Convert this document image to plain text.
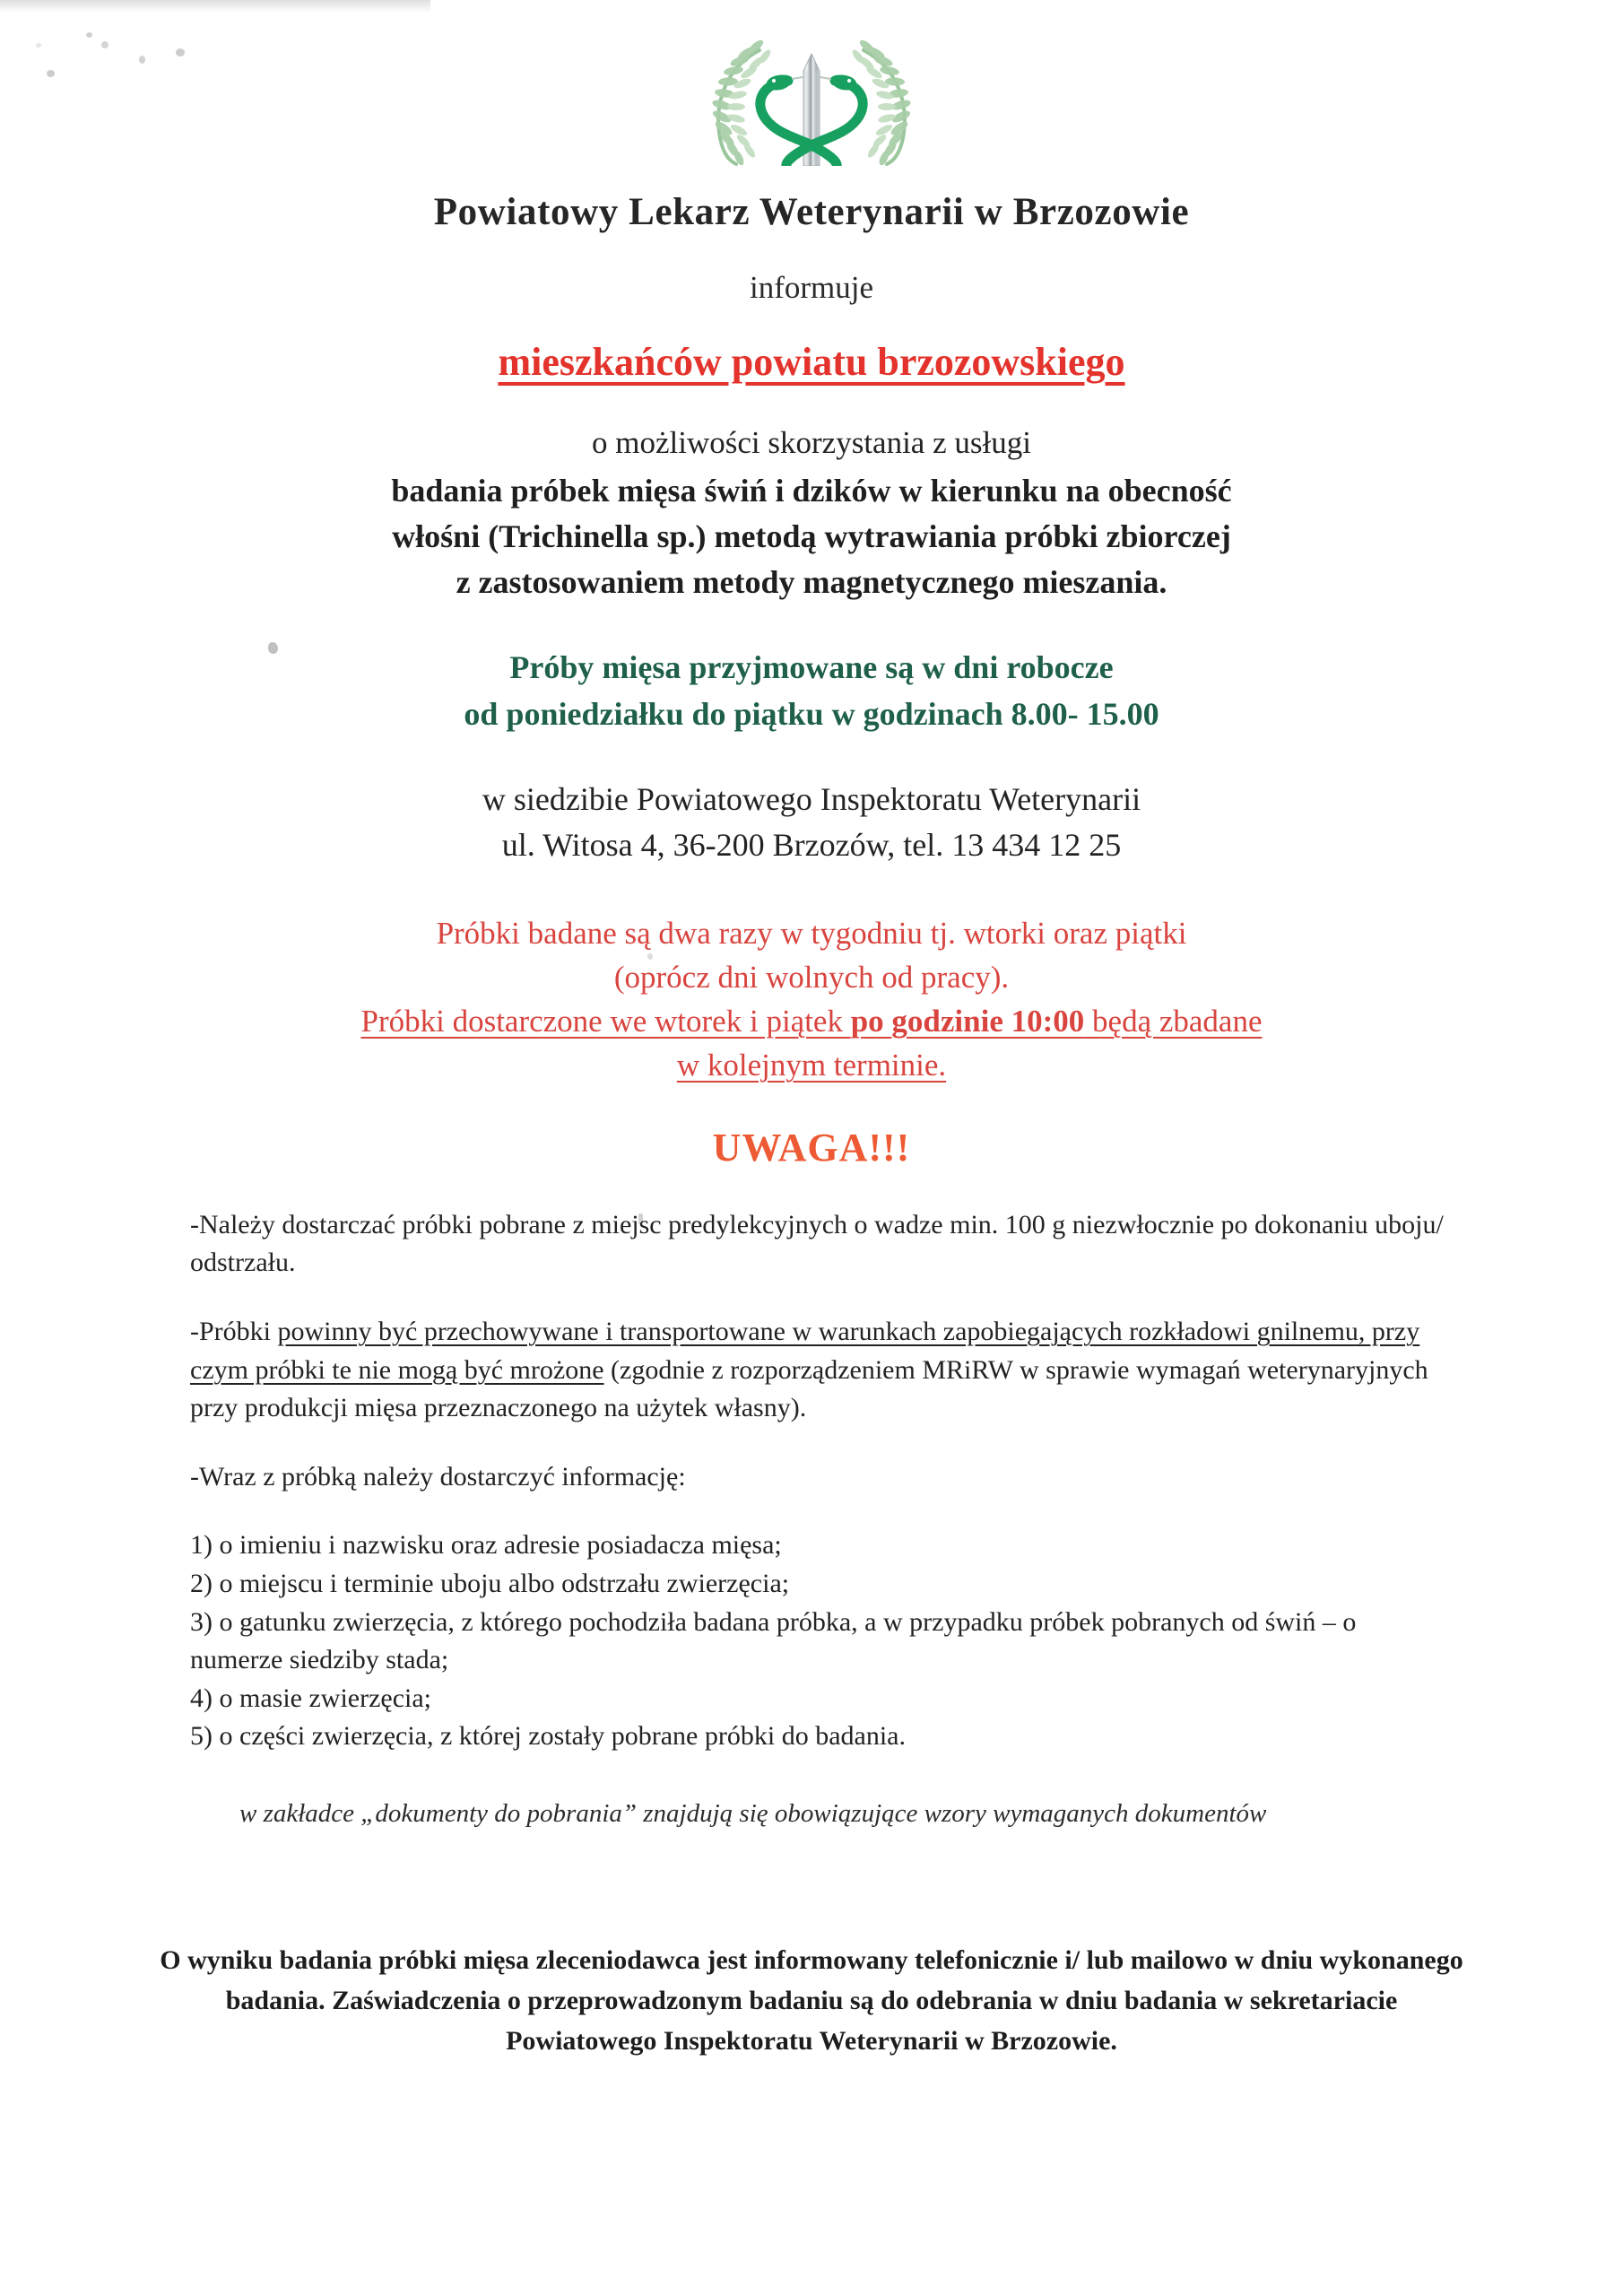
Powiatowy Lekarz Weterynarii w Brzozowie

informuje

mieszkańców powiatu brzozowskiego

o możliwości skorzystania z usługi

badania próbek mięsa świń i dzików w kierunku na obecność
włośni (Trichinella sp.) metodą wytrawiania próbki zbiorczej
z zastosowaniem metody magnetycznego mieszania.

Próby mięsa przyjmowane są w dni robocze
od poniedziałku do piątku w godzinach 8.00- 15.00

w siedzibie Powiatowego Inspektoratu Weterynarii
ul. Witosa 4, 36-200 Brzozów, tel. 13 434 12 25

Próbki badane są dwa razy w tygodniu tj. wtorki oraz piątki
(oprócz dni wolnych od pracy).
Próbki dostarczone we wtorek i piątek po godzinie 10:00 będą zbadane
w kolejnym terminie.

UWAGA!!!

-Należy dostarczać próbki pobrane z miejsc predylekcyjnych o wadze min. 100 g niezwłocznie po dokonaniu uboju/ odstrzału.

-Próbki powinny być przechowywane i transportowane w warunkach zapobiegających rozkładowi gnilnemu, przy czym próbki te nie mogą być mrożone (zgodnie z rozporządzeniem MRiRW w sprawie wymagań weterynaryjnych przy produkcji mięsa przeznaczonego na użytek własny).

-Wraz z próbką należy dostarczyć informację:

1) o imieniu i nazwisku oraz adresie posiadacza mięsa;

2) o miejscu i terminie uboju albo odstrzału zwierzęcia;

3) o gatunku zwierzęcia, z którego pochodziła badana próbka, a w przypadku próbek pobranych od świń – o numerze siedziby stada;

4) o masie zwierzęcia;

5) o części zwierzęcia, z której zostały pobrane próbki do badania.

w zakładce „dokumenty do pobrania” znajdują się obowiązujące wzory wymaganych dokumentów

O wyniku badania próbki mięsa zleceniodawca jest informowany telefonicznie i/ lub mailowo w dniu wykonanego badania. Zaświadczenia o przeprowadzonym badaniu są do odebrania w dniu badania w sekretariacie Powiatowego Inspektoratu Weterynarii w Brzozowie.
